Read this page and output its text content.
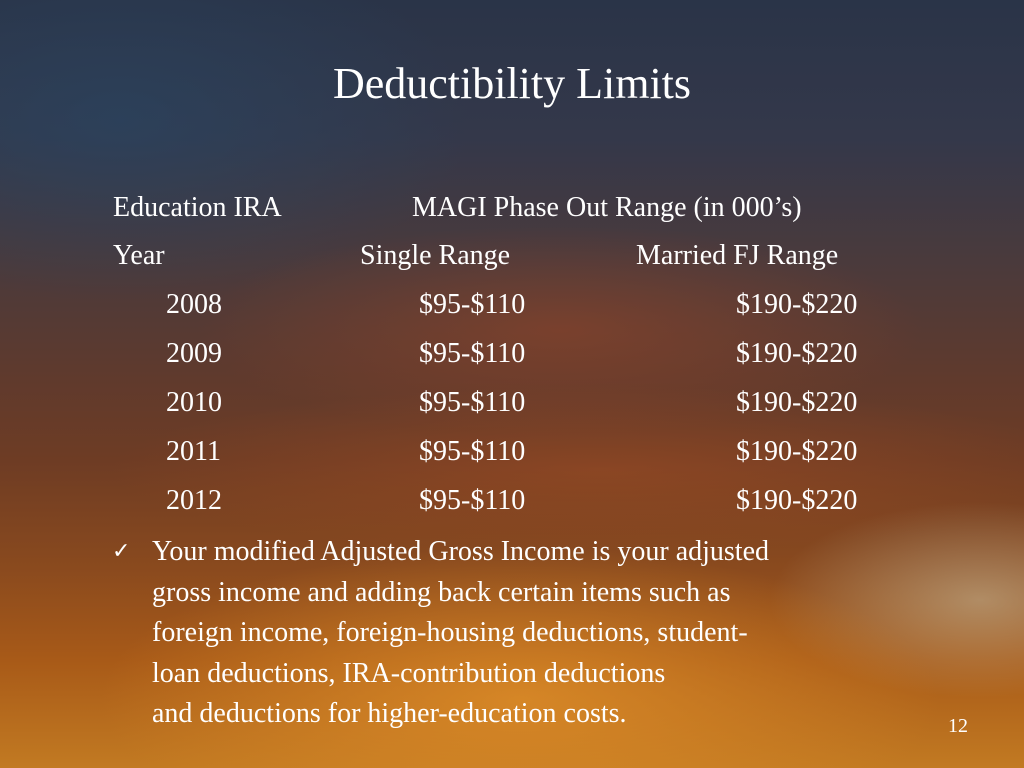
Deductibility Limits
Education IRA	MAGI Phase Out Range (in 000’s)
Year	Single Range	Married FJ Range
2008	$95-$110	$190-$220
2009	$95-$110	$190-$220
2010	$95-$110	$190-$220
2011	$95-$110	$190-$220
2012	$95-$110	$190-$220
✓ Your modified Adjusted Gross Income is your adjusted
gross income and adding back certain items such as
foreign income, foreign-housing deductions, student-
loan deductions, IRA-contribution deductions
and deductions for higher-education costs.	12
